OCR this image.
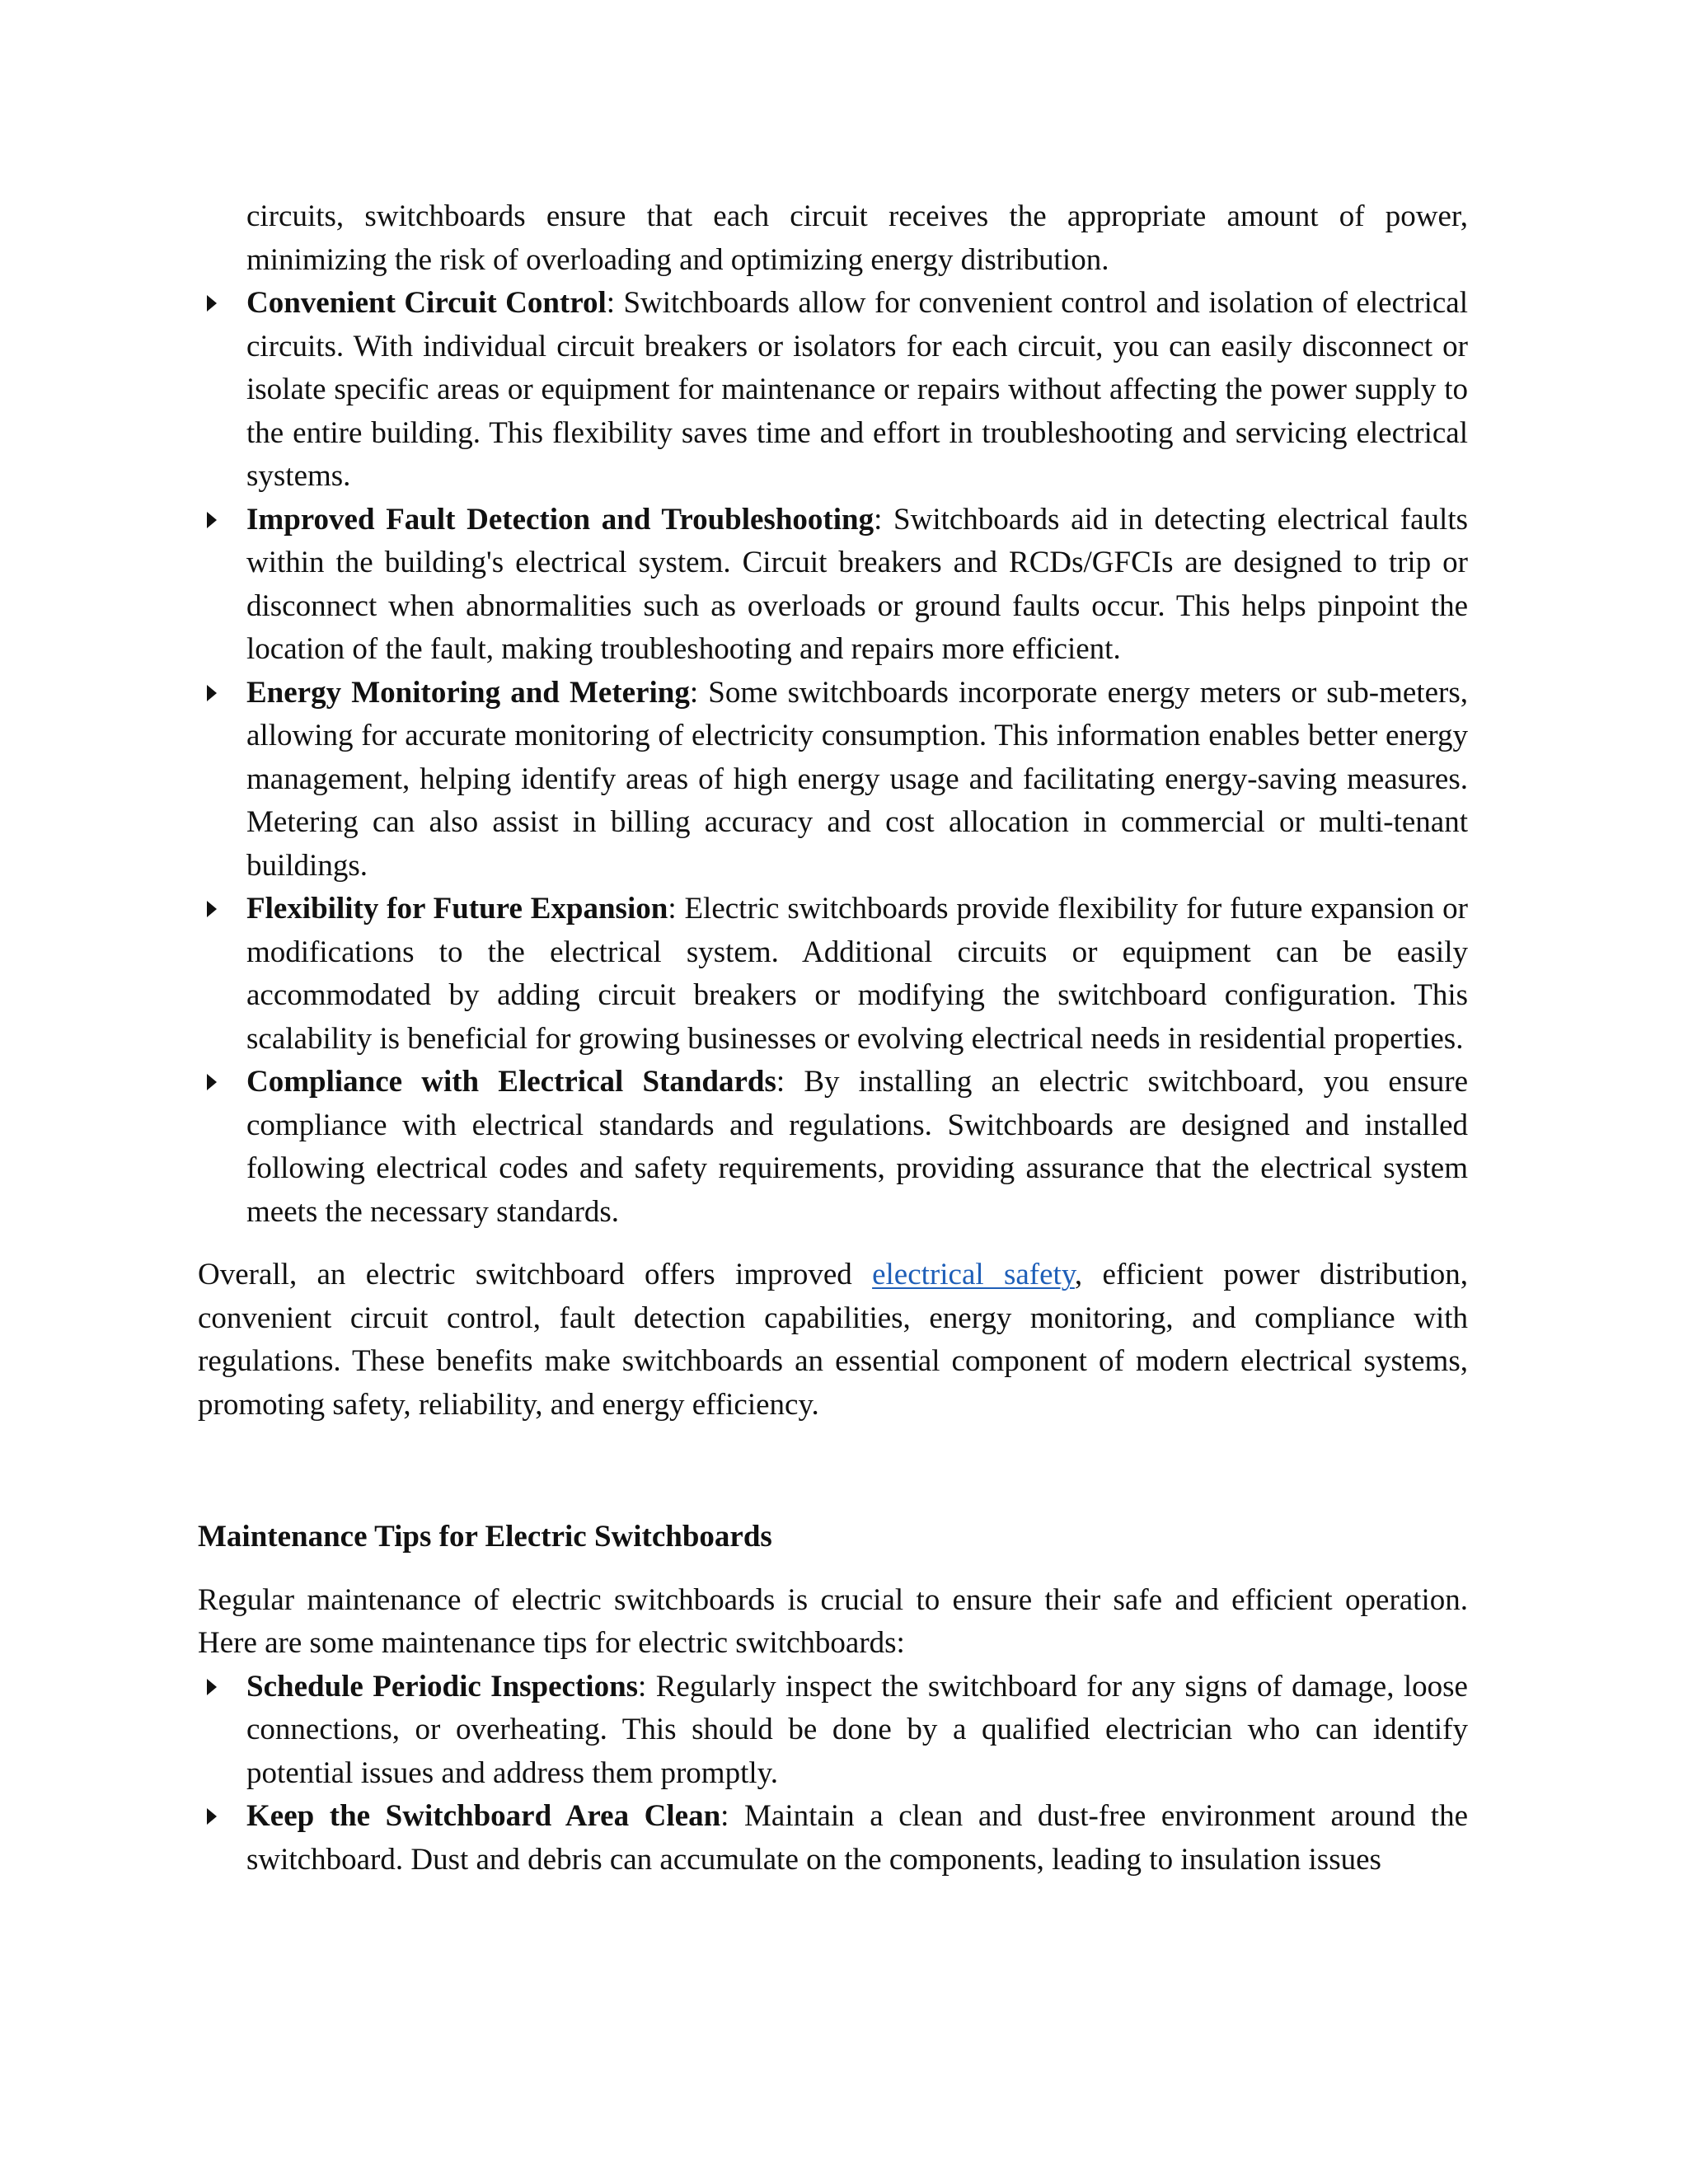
circuits, switchboards ensure that each circuit receives the appropriate amount of power, minimizing the risk of overloading and optimizing energy distribution.

Convenient Circuit Control: Switchboards allow for convenient control and isolation of electrical circuits. With individual circuit breakers or isolators for each circuit, you can easily disconnect or isolate specific areas or equipment for maintenance or repairs without affecting the power supply to the entire building. This flexibility saves time and effort in troubleshooting and servicing electrical systems.
Improved Fault Detection and Troubleshooting: Switchboards aid in detecting electrical faults within the building's electrical system. Circuit breakers and RCDs/GFCIs are designed to trip or disconnect when abnormalities such as overloads or ground faults occur. This helps pinpoint the location of the fault, making troubleshooting and repairs more efficient.
Energy Monitoring and Metering: Some switchboards incorporate energy meters or sub-meters, allowing for accurate monitoring of electricity consumption. This information enables better energy management, helping identify areas of high energy usage and facilitating energy-saving measures. Metering can also assist in billing accuracy and cost allocation in commercial or multi-tenant buildings.
Flexibility for Future Expansion: Electric switchboards provide flexibility for future expansion or modifications to the electrical system. Additional circuits or equipment can be easily accommodated by adding circuit breakers or modifying the switchboard configuration. This scalability is beneficial for growing businesses or evolving electrical needs in residential properties.
Compliance with Electrical Standards: By installing an electric switchboard, you ensure compliance with electrical standards and regulations. Switchboards are designed and installed following electrical codes and safety requirements, providing assurance that the electrical system meets the necessary standards.

Overall, an electric switchboard offers improved electrical safety, efficient power distribution, convenient circuit control, fault detection capabilities, energy monitoring, and compliance with regulations. These benefits make switchboards an essential component of modern electrical systems, promoting safety, reliability, and energy efficiency.

Maintenance Tips for Electric Switchboards

Regular maintenance of electric switchboards is crucial to ensure their safe and efficient operation. Here are some maintenance tips for electric switchboards:

Schedule Periodic Inspections: Regularly inspect the switchboard for any signs of damage, loose connections, or overheating. This should be done by a qualified electrician who can identify potential issues and address them promptly.
Keep the Switchboard Area Clean: Maintain a clean and dust-free environment around the switchboard. Dust and debris can accumulate on the components, leading to insulation issues
